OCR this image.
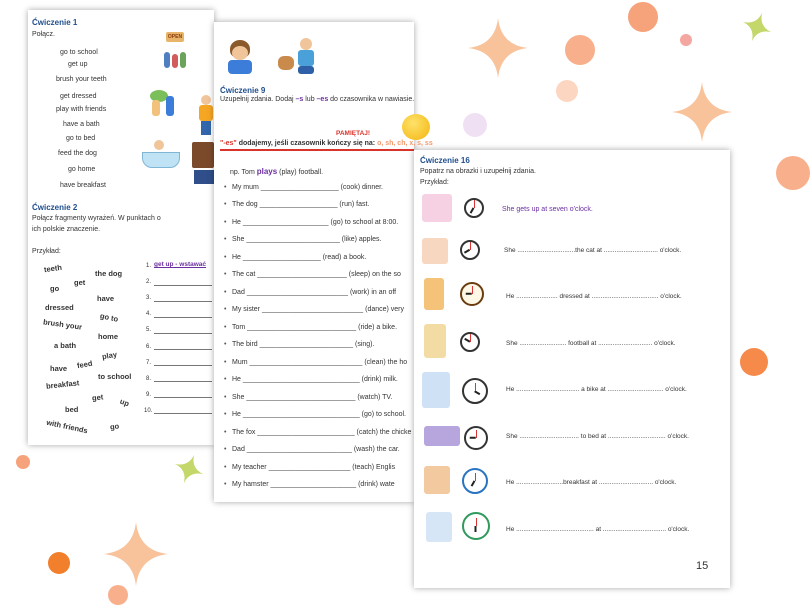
Ćwiczenie 1
Połącz.
go to school
get up
brush your teeth
get dressed
play with friends
have a bath
go to bed
feed the dog
go home
have breakfast
OPEN
Ćwiczenie 2
Połącz fragmenty wyrażeń. W punktach o
ich polskie znaczenie.
Przykład:
teeth	the dog
get
go
have
dressed
go to
brush your
home
a bath
play
have feed
to school
breakfast
get up
bed
with friends	go
get up - wstawać
1.
2.
3.
4.
5.
6.
7.
8.
9.
10.
Ćwiczenie 9
Uzupełnij zdania. Dodaj –s lub –es do czasownika w nawiasie.
PAMIĘTAJ!
"-es" dodajemy, jeśli czasownik kończy się na: o, sh, ch, x, s, ss
np. Tom plays (play) football.
• My mum ____________________ (cook) dinner.
• The dog ____________________ (run) fast.
• He ______________________ (go) to school at 8:00.
• She ________________________ (like) apples.
• He ____________________ (read) a book.
• The cat _______________________ (sleep) on the so
• Dad __________________________ (work) in an off
• My sister __________________________ (dance) very
• Tom ____________________________ (ride) a bike.
• The bird ________________________ (sing).
• Mum _____________________________ (clean) the ho
• He ______________________________ (drink) milk.
• She ____________________________ (watch) TV.
• He ______________________________ (go) to school.
• The fox _________________________ (catch) the chicke
• Dad ___________________________ (wash) the car.
• My teacher _____________________ (teach) Englis
• My hamster ______________________ (drink) wate
Ćwiczenie 16
Popatrz na obrazki i uzupełnij zdania.
Przykład:
She gets up at seven o'clock.
She ................................the cat at .............................. o'clock.
He ....................... dressed at ..................................... o'clock.
She .......................... football at .............................. o'clock.
He ................................... a bike at ............................... o'clock.
She ................................. to bed at ................................ o'clock.
He ..........................breakfast at .............................. o'clock.
He ........................................... at ................................... o'clock.
15
